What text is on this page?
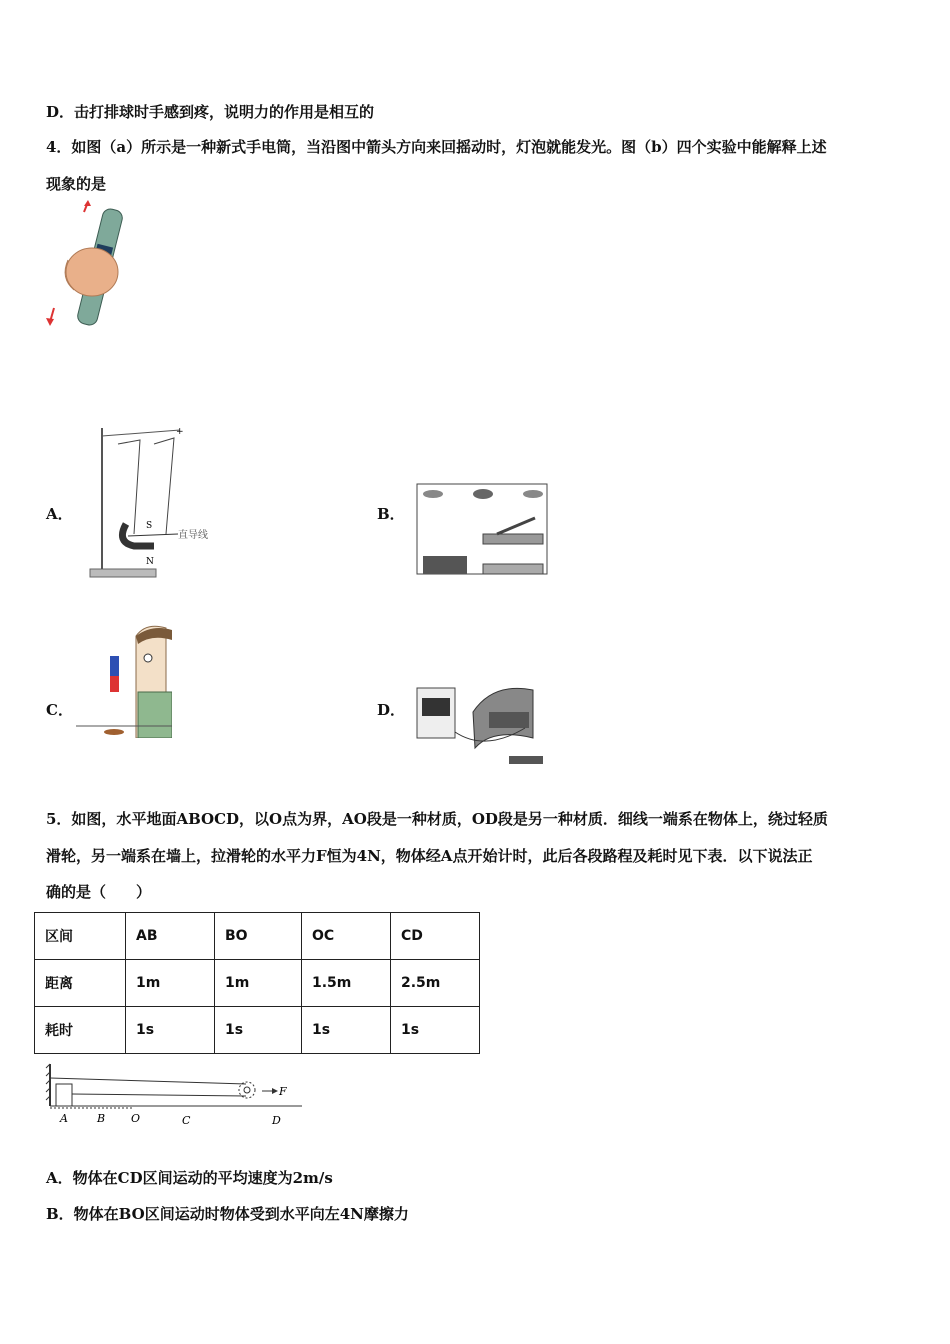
D．击打排球时手感到疼，说明力的作用是相互的
4．如图（a）所示是一种新式手电筒，当沿图中箭头方向来回摇动时，灯泡就能发光。图（b）四个实验中能解释上述
现象的是
A．
S
N
直导线
+
B．
C．	D．
5．如图，水平地面ABOCD，以O点为界，AO段是一种材质，OD段是另一种材质．细线一端系在物体上，绕过轻质
滑轮，另一端系在墙上，拉滑轮的水平力F恒为4N，物体经A点开始计时，此后各段路程及耗时见下表．以下说法正
确的是（　　）
区间	AB	BO	OC	CD
距离	1m	1m	1.5m	2.5m
耗时	1s	1s	1s	1s
F
A	B O	C	D
A．物体在CD区间运动的平均速度为2m/s
B．物体在BO区间运动时物体受到水平向左4N摩擦力
